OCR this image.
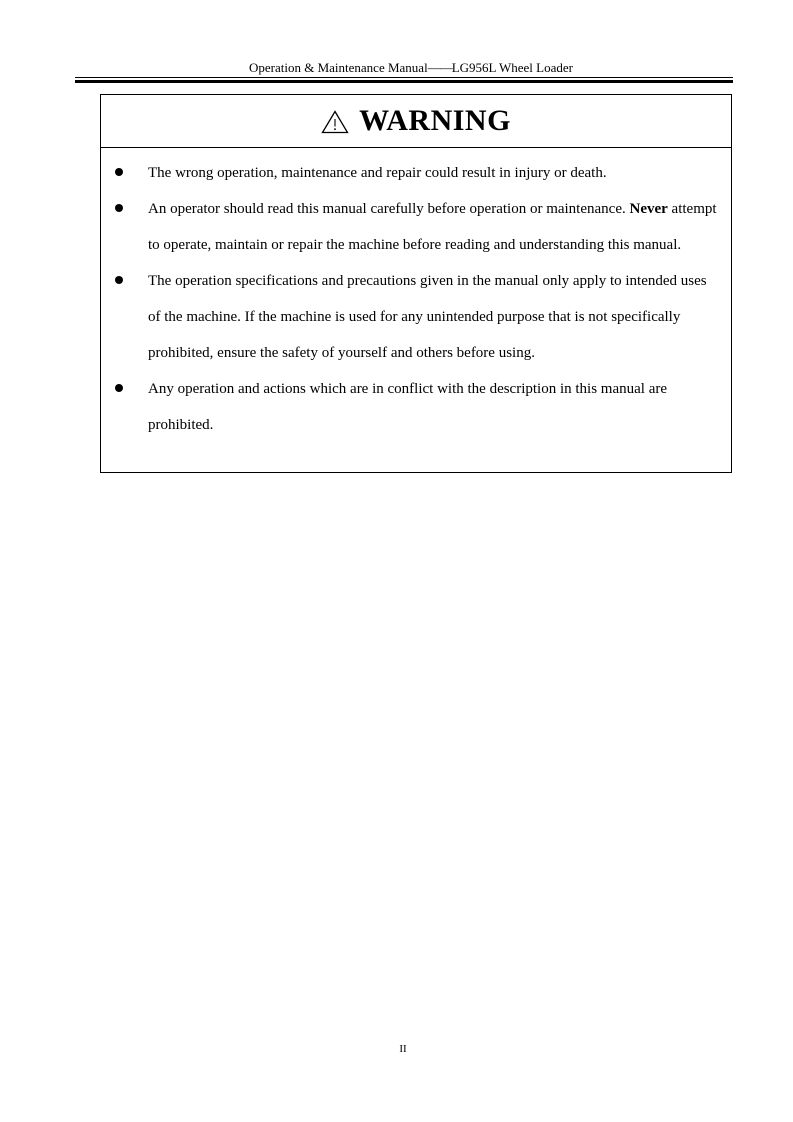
Operation & Maintenance Manual——LG956L Wheel Loader
WARNING
The wrong operation, maintenance and repair could result in injury or death.
An operator should read this manual carefully before operation or maintenance. Never attempt to operate, maintain or repair the machine before reading and understanding this manual.
The operation specifications and precautions given in the manual only apply to intended uses of the machine. If the machine is used for any unintended purpose that is not specifically prohibited, ensure the safety of yourself and others before using.
Any operation and actions which are in conflict with the description in this manual are prohibited.
II
